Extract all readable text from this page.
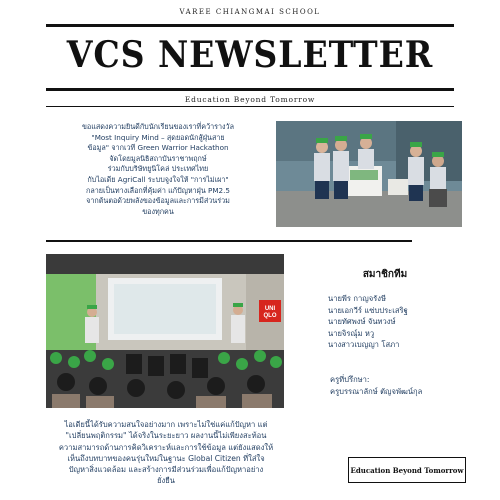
VAREE CHIANGMAI SCHOOL
VCS NEWSLETTER
Education Beyond Tomorrow
ขอแสดงความยินดีกับนักเรียนของเราที่คว้ารางวัล
"Most Inquiry Mind – สุดยอดนักสู้ฝุ่นสาย
ข้อมูล" จากเวที Green Warrior Hackathon
จัดโดยมูลนิธิสถาบันราชาพฤกษ์
ร่วมกับบริษัทยูนิโคล่ ประเทศไทย
กับไอเดีย AgriCall ระบบจูงใจให้ "การไม่เผา"
กลายเป็นทางเลือกที่คุ้มค่า แก้ปัญหาฝุ่น PM2.5
จากต้นตอด้วยพลังของข้อมูลและการมีส่วนร่วม
ของทุกคน
UNI QLO
สมาชิกทีม
นายพีร กาญจรังษี
นายเอกวีร์ แซ่บประเสริฐ
นายทัศพงษ์ จันทวงษ์
นายจิรณุ์ม หวู
นางสาวเบญญา โสภา
ครูที่ปรึกษา:
ครูบรรณาลักษ์ ตัญจพัฒน์กุล
ไอเดียนี้ได้รับความสนใจอย่างมาก เพราะไม่ใช่แค่แก้ปัญหา แต่
"เปลี่ยนพฤติกรรม" ได้จริงในระยะยาว ผลงานนี้ไม่เพียงสะท้อน
ความสามารถด้านการคิดวิเคราะห์และการใช้ข้อมูล แต่ยังแสดงให้
เห็นถึงบทบาทของคนรุ่นใหม่ในฐานะ Global Citizen ที่ใส่ใจ
ปัญหาสิ่งแวดล้อม และสร้างการมีส่วนร่วมเพื่อแก้ปัญหาอย่าง
ยั่งยืน
Education Beyond Tomorrow
